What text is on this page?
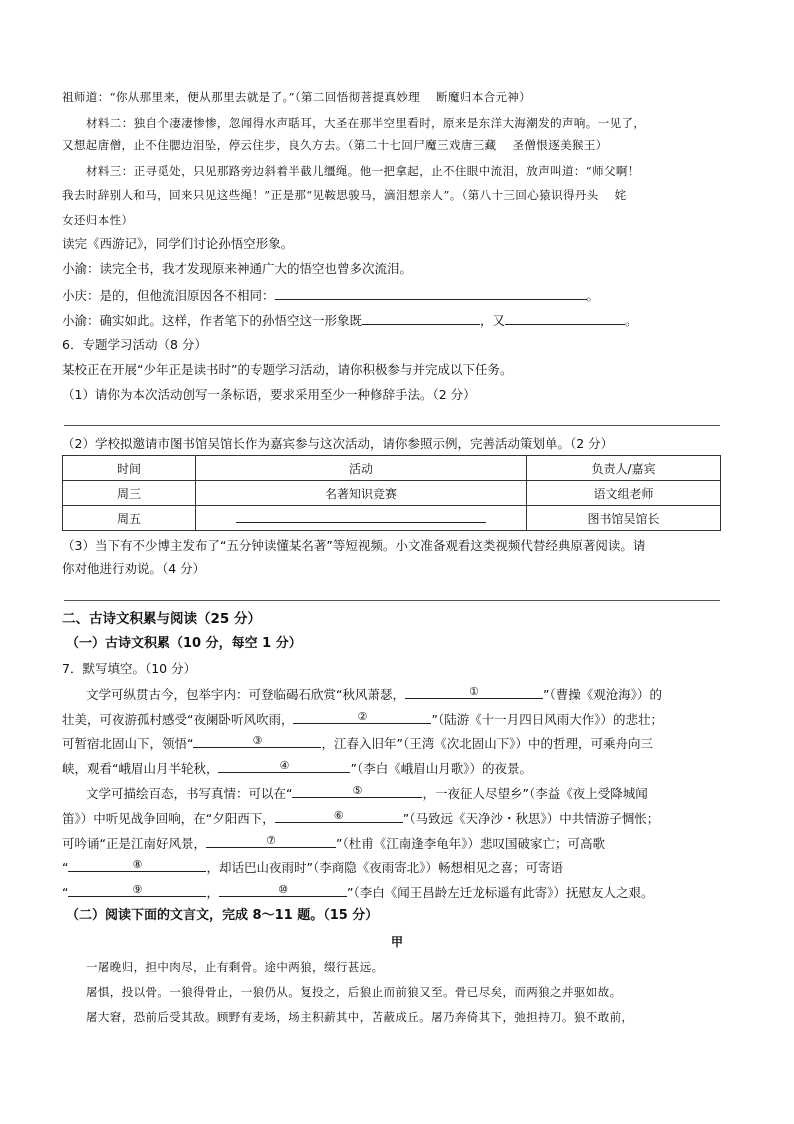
祖师道：“你从那里来，便从那里去就是了。”（第二回悟彻菩提真妙理　 断魔归本合元神）
材料二：独自个凄凄惨惨，忽闻得水声聒耳，大圣在那半空里看时，原来是东洋大海潮发的声响。一见了，
又想起唐僧，止不住腮边泪坠，停云住步，良久方去。（第二十七回尸魔三戏唐三藏　 圣僧恨逐美猴王）
材料三：正寻觅处，只见那路旁边斜着半截儿缰绳。他一把拿起，止不住眼中流泪，放声叫道：“师父啊！
我去时辞别人和马，回来只见这些绳！”正是那“见鞍思骏马，滴泪想亲人”。（第八十三回心猿识得丹头　 姹
女还归本性）
读完《西游记》，同学们讨论孙悟空形象。
小渝：读完全书，我才发现原来神通广大的悟空也曾多次流泪。
小庆：是的，但他流泪原因各不相同：	。
小渝：确实如此。这样，作者笔下的孙悟空这一形象既	，又	。
6．专题学习活动（8 分）
某校正在开展“少年正是读书时”的专题学习活动，请你积极参与并完成以下任务。
（1）请你为本次活动创写一条标语，要求采用至少一种修辞手法。（2 分）
（2）学校拟邀请市图书馆吴馆长作为嘉宾参与这次活动，请你参照示例，完善活动策划单。（2 分）
时间	活动	负责人/嘉宾
周三	名著知识竞赛	语文组老师
周五		图书馆吴馆长
（3）当下有不少博主发布了“五分钟读懂某名著”等短视频。小文准备观看这类视频代替经典原著阅读。请
你对他进行劝说。（4 分）
二、古诗文积累与阅读（25 分）
（一）古诗文积累（10 分，每空 1 分）
7．默写填空。（10 分）
文学可纵贯古今，包举宇内：可登临碣石欣赏“秋风萧瑟，	①	”（曹操《观沧海》）的
壮美，可夜游孤村感受“夜阑卧听风吹雨，	②	”（陆游《十一月四日风雨大作》）的悲壮；
可暂宿北固山下，领悟“	③	，江春入旧年”（王湾《次北固山下》）中的哲理，可乘舟向三
峡，观看“峨眉山月半轮秋，	④	”（李白《峨眉山月歌》）的夜景。
文学可描绘百态，书写真情：可以在“	⑤	，一夜征人尽望乡”（李益《夜上受降城闻
笛》）中听见战争回响，在“夕阳西下，	⑥	”（马致远《天净沙・秋思》）中共情游子惆怅；
可吟诵“正是江南好风景，	⑦	”（杜甫《江南逢李龟年》）悲叹国破家亡；可高歌
“	⑧	，却话巴山夜雨时”（李商隐《夜雨寄北》）畅想相见之喜；可寄语
“	⑨	，	⑩	”（李白《闻王昌龄左迁龙标遥有此寄》）抚慰友人之艰。
（二）阅读下面的文言文，完成 8～11 题。（15 分）
甲
一屠晚归，担中肉尽，止有剩骨。途中两狼，缀行甚远。
屠惧，投以骨。一狼得骨止，一狼仍从。复投之，后狼止而前狼又至。骨已尽矣，而两狼之并驱如故。
屠大窘，恐前后受其敌。顾野有麦场，场主积薪其中，苫蔽成丘。屠乃奔倚其下，弛担持刀。狼不敢前，
